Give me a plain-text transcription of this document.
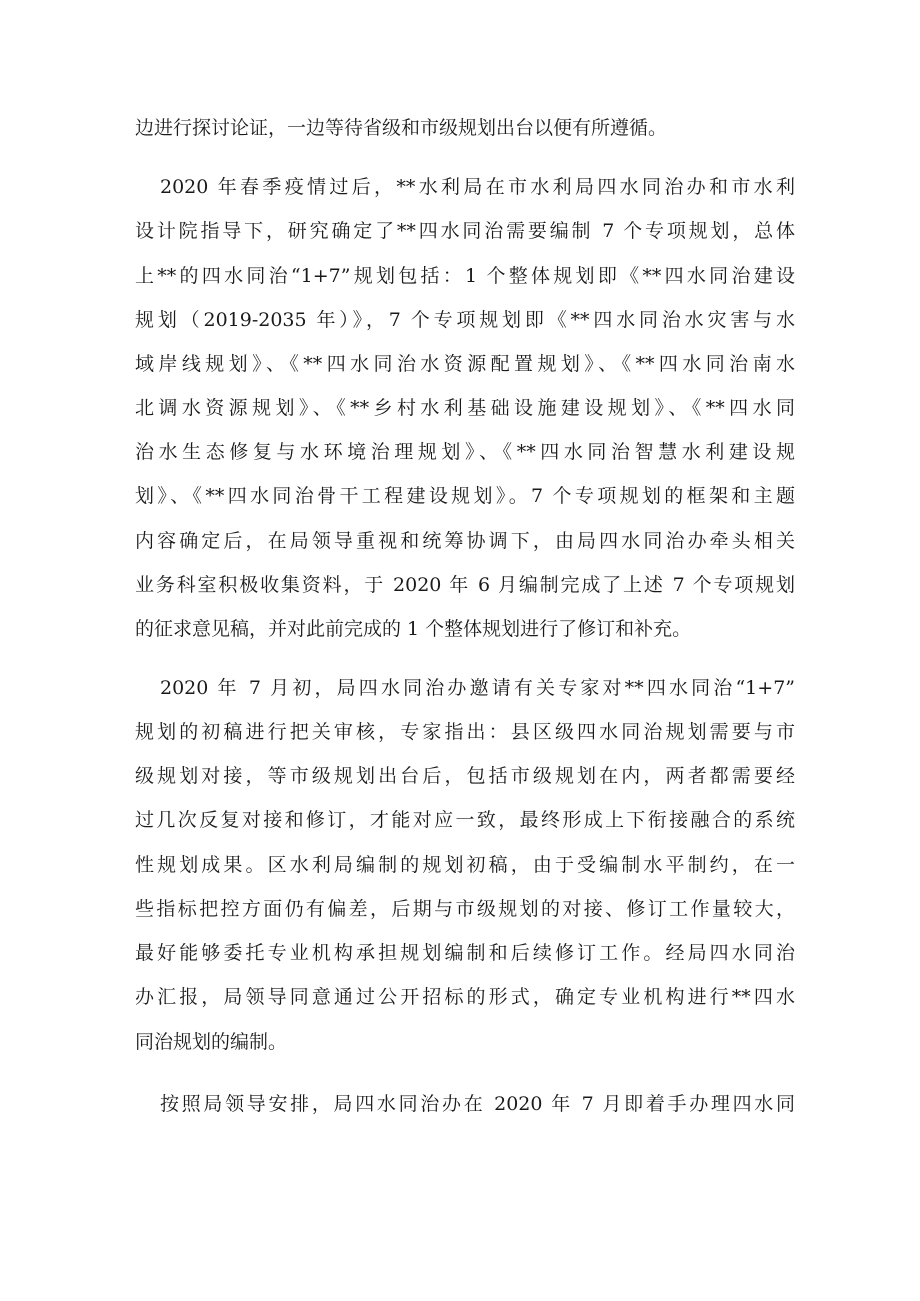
边进行探讨论证，一边等待省级和市级规划出台以便有所遵循。

2020 年春季疫情过后，**水利局在市水利局四水同治办和市水利

设计院指导下，研究确定了**四水同治需要编制 7 个专项规划，总体

上**的四水同治“1+7”规划包括：1 个整体规划即《**四水同治建设

规划（2019-2035 年）》，7 个专项规划即《**四水同治水灾害与水

域岸线规划》、《**四水同治水资源配置规划》、《**四水同治南水

北调水资源规划》、《**乡村水利基础设施建设规划》、《**四水同

治水生态修复与水环境治理规划》、《**四水同治智慧水利建设规

划》、《**四水同治骨干工程建设规划》。7 个专项规划的框架和主题

内容确定后，在局领导重视和统筹协调下，由局四水同治办牵头相关

业务科室积极收集资料，于 2020 年 6 月编制完成了上述 7 个专项规划

的征求意见稿，并对此前完成的 1 个整体规划进行了修订和补充。

2020 年 7 月初，局四水同治办邀请有关专家对**四水同治“1+7”

规划的初稿进行把关审核，专家指出：县区级四水同治规划需要与市

级规划对接，等市级规划出台后，包括市级规划在内，两者都需要经

过几次反复对接和修订，才能对应一致，最终形成上下衔接融合的系统

性规划成果。区水利局编制的规划初稿，由于受编制水平制约，在一

些指标把控方面仍有偏差，后期与市级规划的对接、修订工作量较大，

最好能够委托专业机构承担规划编制和后续修订工作。经局四水同治

办汇报，局领导同意通过公开招标的形式，确定专业机构进行**四水

同治规划的编制。

按照局领导安排，局四水同治办在 2020 年 7 月即着手办理四水同
